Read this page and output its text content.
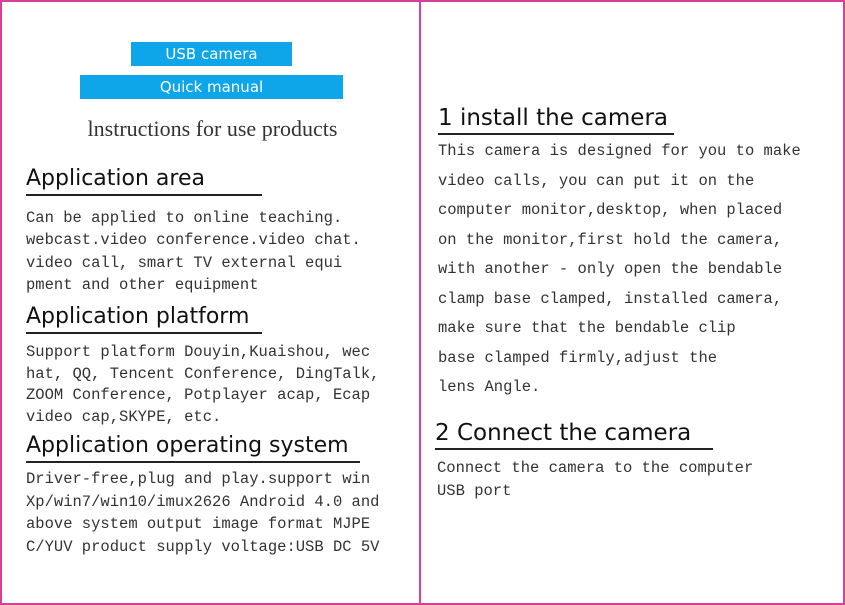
USB camera
Quick manual
lnstructions for use products
Application area
Can be applied to online teaching.
webcast.video conference.video chat.
video call, smart TV external equi
pment and other equipment
Application platform
Support platform Douyin,Kuaishou, wec
hat, QQ, Tencent Conference, DingTalk,
ZOOM Conference, Potplayer acap, Ecap
video cap,SKYPE, etc.
Application operating system
Driver-free,plug and play.support win
Xp/win7/win10/imux2626 Android 4.0 and
above system output image format MJPE
C/YUV product supply voltage:USB DC 5V
1 install the camera
This camera is designed for you to make
video calls, you can put it on the
computer monitor,desktop, when placed
on the monitor,first hold the camera,
with another - only open the bendable
clamp base clamped, installed camera,
make sure that the bendable clip
base clamped firmly,adjust the
lens Angle.
2 Connect the camera
Connect the camera to the computer
USB port
